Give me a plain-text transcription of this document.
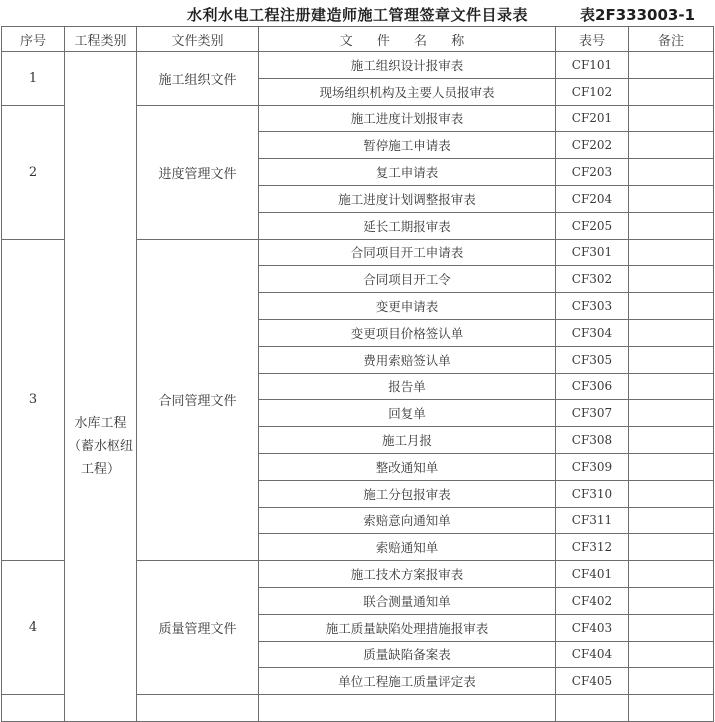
水利水电工程注册建造师施工管理签章文件目录表	表2F333003-1
序号	工程类别	文件类别	文 件 名 称	表号	备注
1	水库工程（蓄水枢纽工程）	施工组织文件	施工组织设计报审表	CF101	
			现场组织机构及主要人员报审表	CF102	
2		进度管理文件	施工进度计划报审表	CF201	
			暂停施工申请表	CF202	
			复工申请表	CF203	
			施工进度计划调整报审表	CF204	
			延长工期报审表	CF205	
3		合同管理文件	合同项目开工申请表	CF301	
			合同项目开工令	CF302	
			变更申请表	CF303	
			变更项目价格签认单	CF304	
			费用索赔签认单	CF305	
			报告单	CF306	
			回复单	CF307	
			施工月报	CF308	
			整改通知单	CF309	
			施工分包报审表	CF310	
			索赔意向通知单	CF311	
			索赔通知单	CF312	
4		质量管理文件	施工技术方案报审表	CF401	
			联合测量通知单	CF402	
			施工质量缺陷处理措施报审表	CF403	
			质量缺陷备案表	CF404	
			单位工程施工质量评定表	CF405	
